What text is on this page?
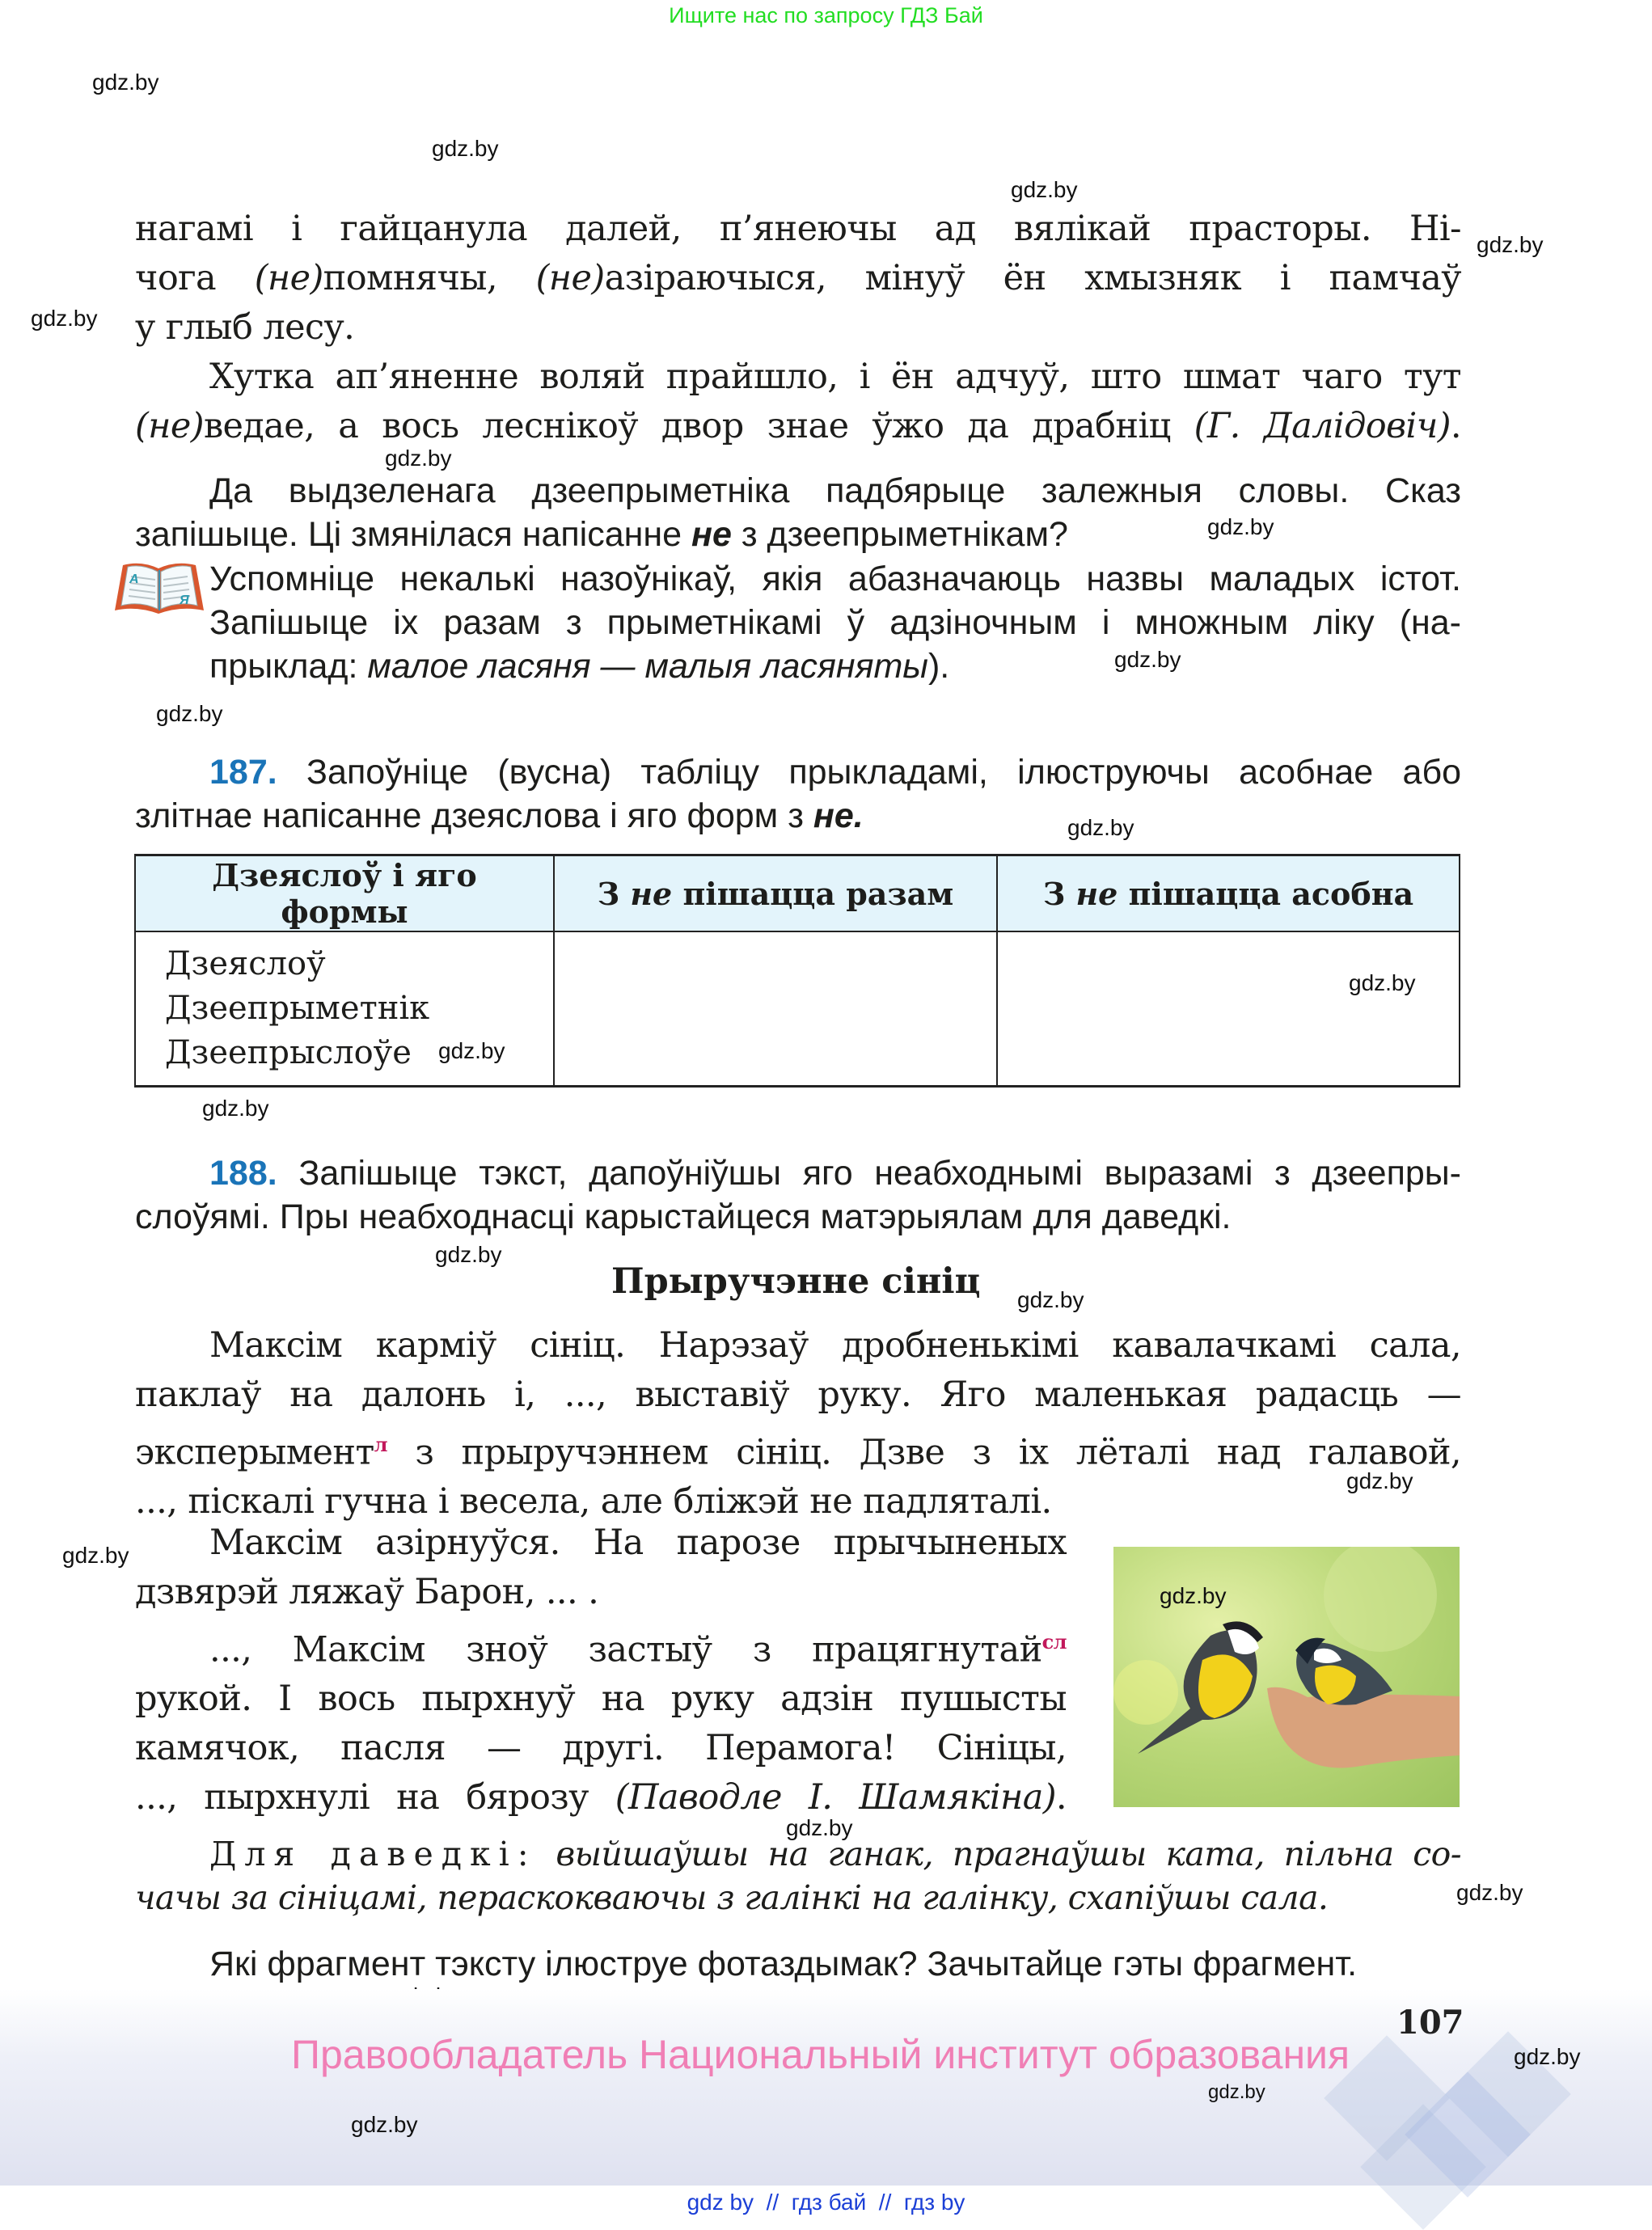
Ищите нас по запросу ГДЗ Бай
gdz.by
gdz.by
gdz.by
gdz.by
gdz.by
gdz.by
gdz.by
gdz.by
gdz.by
gdz.by
gdz.by
gdz.by
gdz.by
gdz.by
gdz.by
gdz.by
gdz.by
gdz.by
gdz.by
нагамі і гайцанула далей, п’янеючы ад вялікай прасторы. Ні-
чога (не)помнячы, (не)азіраючыся, мінуў ён хмызняк і памчаў
у глыб лесу.
Хутка ап’яненне воляй прайшло, і ён адчуў, што шмат чаго тут
(не)ведае, а вось леснікоў двор знае ўжо да драбніц (Г. Далідовіч).
Да выдзеленага дзеепрыметніка падбярыце залежныя словы. Сказ
запішыце. Ці змянілася напісанне не з дзеепрыметнікам?
А
Я
Успомніце некалькі назоўнікаў, якія абазначаюць назвы маладых істот.
Запішыце іх разам з прыметнікамі ў адзіночным і множным ліку (на-
прыклад: малое ласяня — малыя ласяняты).
187. Запоўніце (вусна) табліцу прыкладамі, ілюструючы асобнае або
злітнае напісанне дзеяслова і яго форм з не.
Дзеяслоў і яго формы	З не пішацца разам	З не пішацца асобна

Дзеяслоў
Дзеепрыметнік
Дзеепрыслоўе		

188. Запішыце тэкст, дапоўніўшы яго неабходнымі выразамі з дзеепры-
слоўямі. Пры неабходнасці карыстайцеся матэрыялам для даведкі.
Прыручэнне сініц
Максім карміў сініц. Нарэзаў дробненькімі кавалачкамі сала,
паклаў на далонь і, ..., выставіў руку. Яго маленькая радасць —
эксперымент$^л$ з прыручэннем сініц. Дзве з іх лёталі над галавой,
..., піскалі гучна і весела, але бліжэй не падляталі.
Максім азірнуўся. На парозе прычыненых
дзвярэй ляжаў Барон, ... .
..., Максім зноў застыў з працягнутай$^{сл}$
рукой. І вось пырхнуў на руку адзін пушысты
камячок, пасля — другі. Перамога! Сініцы,
..., пырхнулі на бярозу (Паводле І. Шамякіна).
gdz.by
Для даведкі: выйшаўшы на ганак, прагнаўшы ката, пільна со-
чачы за сініцамі, пераскокваючы з галінкі на галінку, схапіўшы сала.
Які фрагмент тэксту ілюструе фотаздымак? Зачытайце гэты фрагмент.
107
Правообладатель Национальный институт образования	gdz.by
gdz.by
gdz.by
gdz by  //  гдз бай  //  гдз by
